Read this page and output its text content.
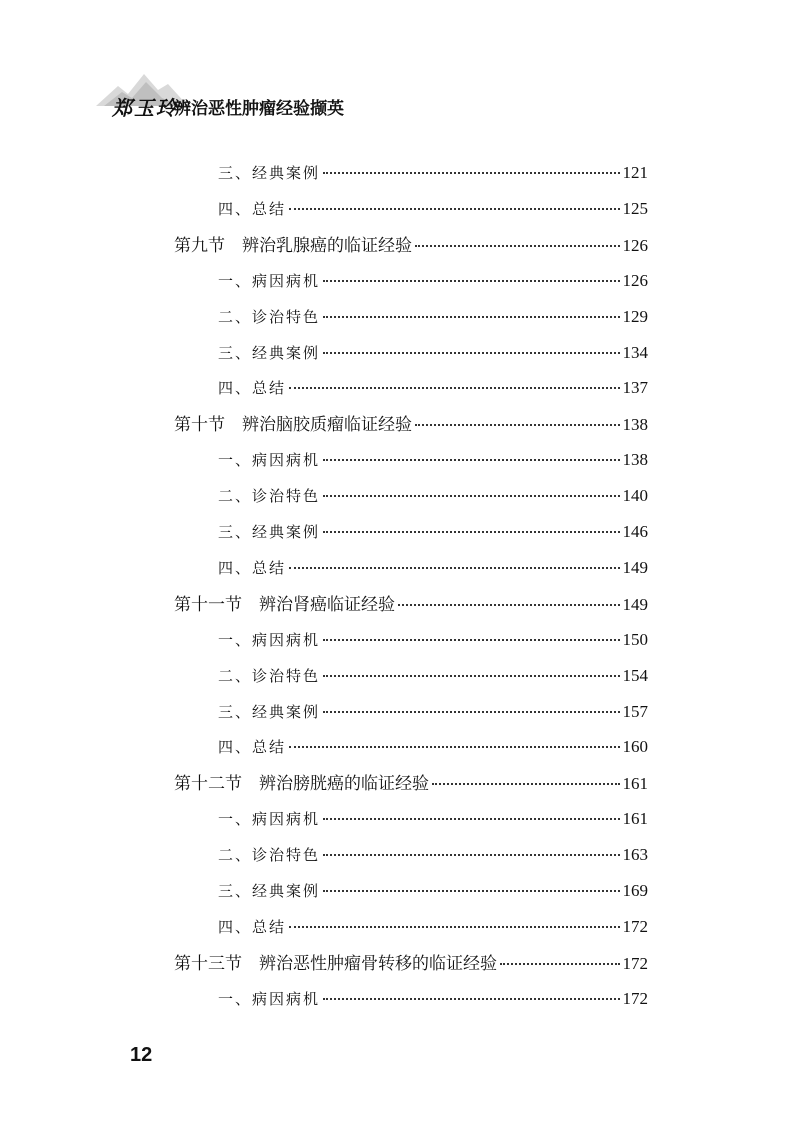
郑玉玲
辨治恶性肿瘤经验撷英
三、经典案例	121
四、总结	125
第九节　辨治乳腺癌的临证经验	126
一、病因病机	126
二、诊治特色	129
三、经典案例	134
四、总结	137
第十节　辨治脑胶质瘤临证经验	138
一、病因病机	138
二、诊治特色	140
三、经典案例	146
四、总结	149
第十一节　辨治肾癌临证经验	149
一、病因病机	150
二、诊治特色	154
三、经典案例	157
四、总结	160
第十二节　辨治膀胱癌的临证经验	161
一、病因病机	161
二、诊治特色	163
三、经典案例	169
四、总结	172
第十三节　辨治恶性肿瘤骨转移的临证经验	172
一、病因病机	172
12
